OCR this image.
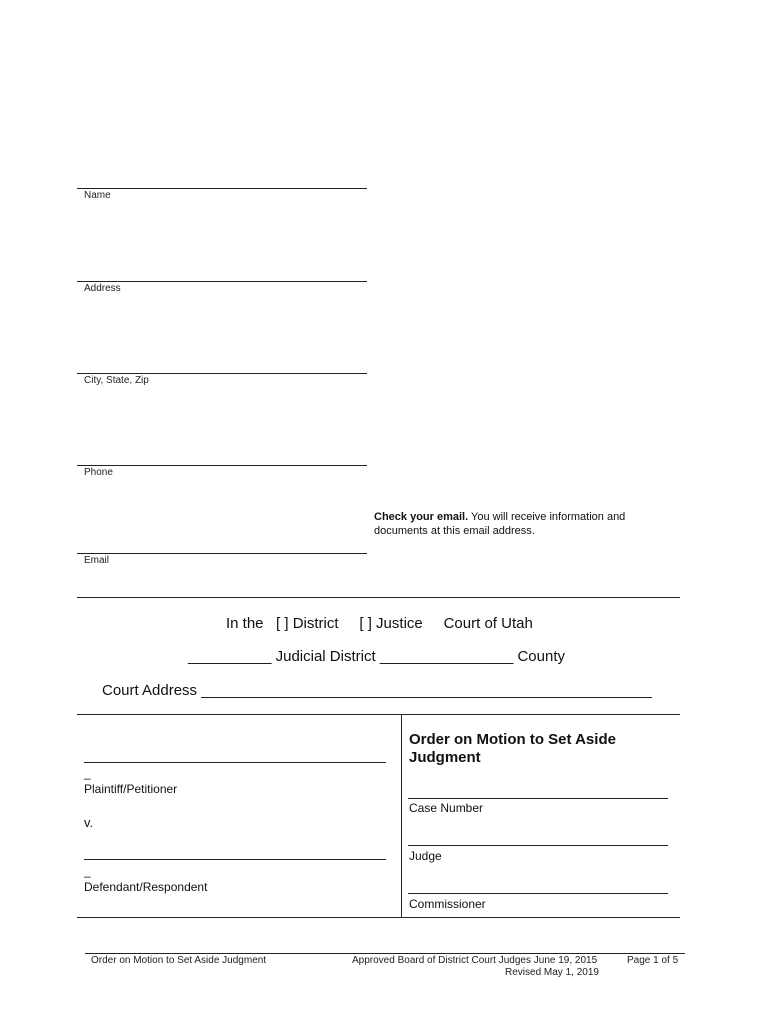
Name
Address
City, State, Zip
Phone
Check your email. You will receive information and documents at this email address.
Email
In the [ ] District [ ] Justice Court of Utah
__________ Judicial District ________________ County
Court Address ______________________________________________________
_
Plaintiff/Petitioner
v.
_
Defendant/Respondent
Order on Motion to Set Aside Judgment
Case Number
Judge
Commissioner
Order on Motion to Set Aside Judgment	Approved Board of District Court Judges June 19, 2015
Revised May 1, 2019
Page 1 of 5
